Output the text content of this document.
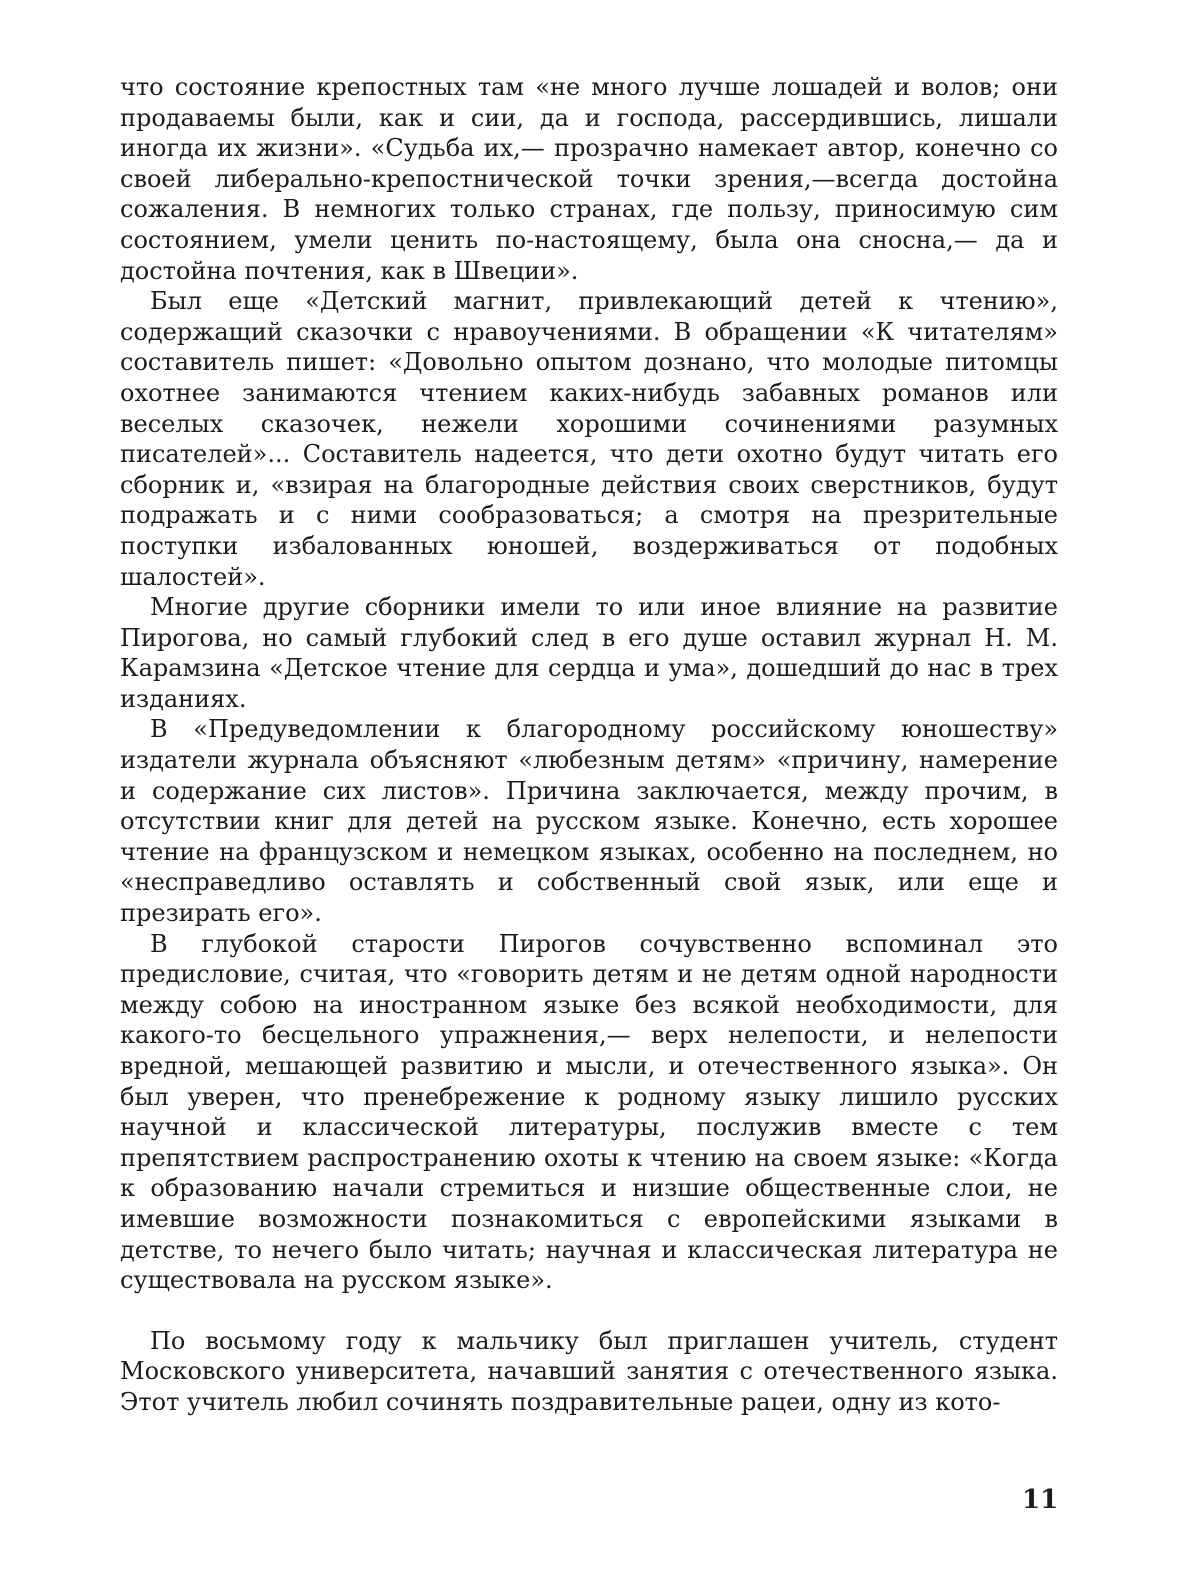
что состояние крепостных там «не много лучше лошадей и волов; они продаваемы были, как и сии, да и господа, рассердившись, лишали иногда их жизни». «Судьба их,— прозрачно намекает автор, конечно со своей либерально-крепостнической точки зрения,—всегда достойна сожаления. В немногих только странах, где пользу, приносимую сим состоянием, умели ценить по-настоящему, была она сносна,— да и достойна почтения, как в Швеции».

Был еще «Детский магнит, привлекающий детей к чтению», содержащий сказочки с нравоучениями. В обращении «К читателям» составитель пишет: «Довольно опытом дознано, что молодые питомцы охотнее занимаются чтением каких-нибудь забавных романов или веселых сказочек, нежели хорошими сочинениями разумных писателей»... Составитель надеется, что дети охотно будут читать его сборник и, «взирая на благородные действия своих сверстников, будут подражать и с ними сообразоваться; а смотря на презрительные поступки избалованных юношей, воздерживаться от подобных шалостей».

Многие другие сборники имели то или иное влияние на развитие Пирогова, но самый глубокий след в его душе оставил журнал Н. М. Карамзина «Детское чтение для сердца и ума», дошедший до нас в трех изданиях.

В «Предуведомлении к благородному российскому юношеству» издатели журнала объясняют «любезным детям» «причину, намерение и содержание сих листов». Причина заключается, между прочим, в отсутствии книг для детей на русском языке. Конечно, есть хорошее чтение на французском и немецком языках, особенно на последнем, но «несправедливо оставлять и собственный свой язык, или еще и презирать его».

В глубокой старости Пирогов сочувственно вспоминал это предисловие, считая, что «говорить детям и не детям одной народности между собою на иностранном языке без всякой необходимости, для какого-то бесцельного упражнения,— верх нелепости, и нелепости вредной, мешающей развитию и мысли, и отечественного языка». Он был уверен, что пренебрежение к родному языку лишило русских научной и классической литературы, послужив вместе с тем препятствием распространению охоты к чтению на своем языке: «Когда к образованию начали стремиться и низшие общественные слои, не имевшие возможности познакомиться с европейскими языками в детстве, то нечего было читать; научная и классическая литература не существовала на русском языке».

По восьмому году к мальчику был приглашен учитель, студент Московского университета, начавший занятия с отечественного языка. Этот учитель любил сочинять поздравительные рацеи, одну из кото-

11
